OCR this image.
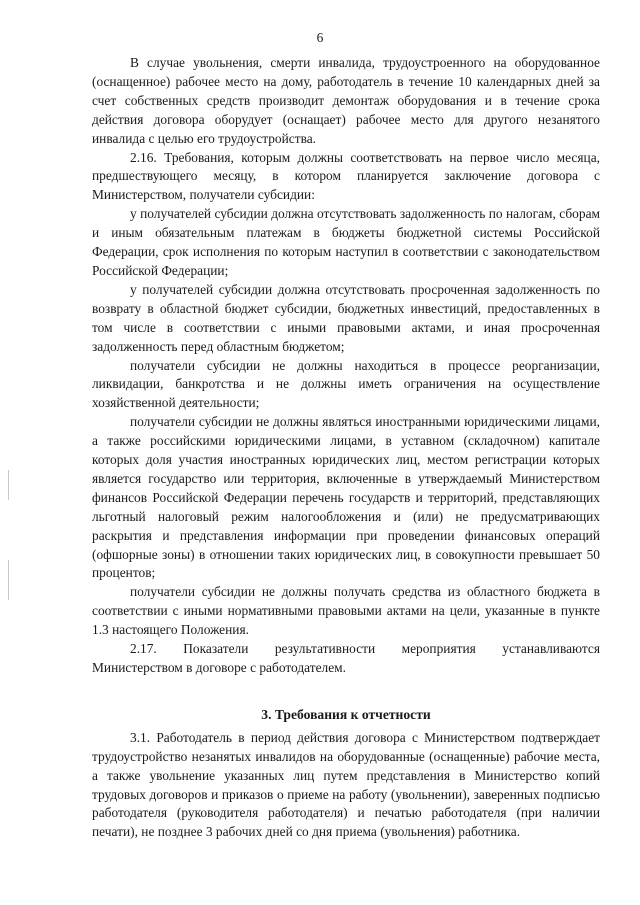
6

В случае увольнения, смерти инвалида, трудоустроенного на оборудованное (оснащенное) рабочее место на дому, работодатель в течение 10 календарных дней за счет собственных средств производит демонтаж оборудования и в течение срока действия договора оборудует (оснащает) рабочее место для другого незанятого инвалида с целью его трудоустройства.

2.16. Требования, которым должны соответствовать на первое число месяца, предшествующего месяцу, в котором планируется заключение договора с Министерством, получатели субсидии:

у получателей субсидии должна отсутствовать задолженность по налогам, сборам и иным обязательным платежам в бюджеты бюджетной системы Российской Федерации, срок исполнения по которым наступил в соответствии с законодательством Российской Федерации;

у получателей субсидии должна отсутствовать просроченная задолженность по возврату в областной бюджет субсидии, бюджетных инвестиций, предоставленных в том числе в соответствии с иными правовыми актами, и иная просроченная задолженность перед областным бюджетом;

получатели субсидии не должны находиться в процессе реорганизации, ликвидации, банкротства и не должны иметь ограничения на осуществление хозяйственной деятельности;

получатели субсидии не должны являться иностранными юридическими лицами, а также российскими юридическими лицами, в уставном (складочном) капитале которых доля участия иностранных юридических лиц, местом регистрации которых является государство или территория, включенные в утверждаемый Министерством финансов Российской Федерации перечень государств и территорий, представляющих льготный налоговый режим налогообложения и (или) не предусматривающих раскрытия и представления информации при проведении финансовых операций (офшорные зоны) в отношении таких юридических лиц, в совокупности превышает 50 процентов;

получатели субсидии не должны получать средства из областного бюджета в соответствии с иными нормативными правовыми актами на цели, указанные в пункте 1.3 настоящего Положения.

2.17. Показатели результативности мероприятия устанавливаются Министерством в договоре с работодателем.

3. Требования к отчетности

3.1. Работодатель в период действия договора с Министерством подтверждает трудоустройство незанятых инвалидов на оборудованные (оснащенные) рабочие места, а также увольнение указанных лиц путем представления в Министерство копий трудовых договоров и приказов о приеме на работу (увольнении), заверенных подписью работодателя (руководителя работодателя) и печатью работодателя (при наличии печати), не позднее 3 рабочих дней со дня приема (увольнения) работника.
